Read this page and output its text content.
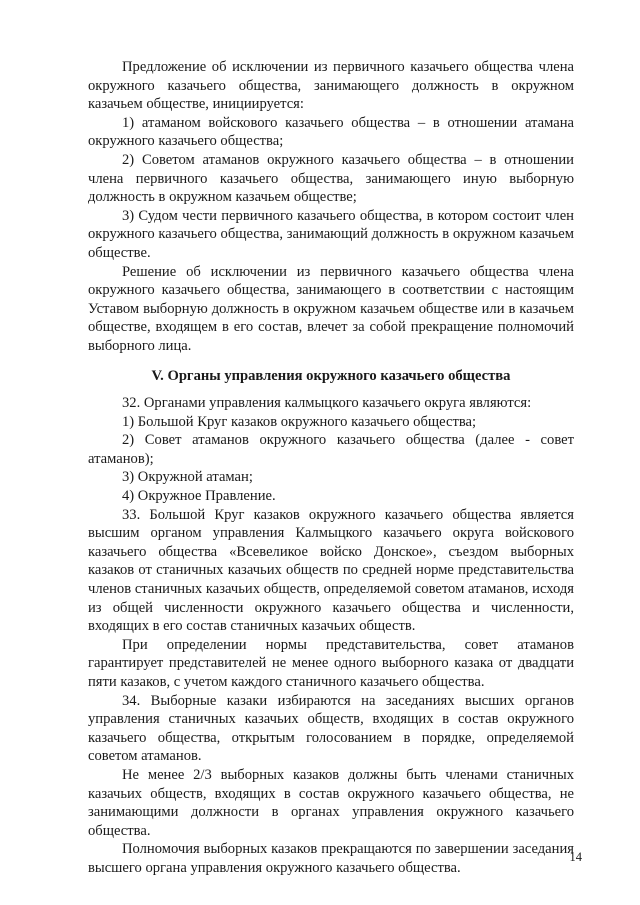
Предложение об исключении из первичного казачьего общества члена окружного казачьего общества, занимающего должность в окружном казачьем обществе, инициируется:

1) атаманом войскового казачьего общества – в отношении атамана окружного казачьего общества;

2) Советом атаманов окружного казачьего общества – в отношении члена первичного казачьего общества, занимающего иную выборную должность в окружном казачьем обществе;

3) Судом чести первичного казачьего общества, в котором состоит член окружного казачьего общества, занимающий должность в окружном казачьем обществе.

Решение об исключении из первичного казачьего общества члена окружного казачьего общества, занимающего в соответствии с настоящим Уставом выборную должность в окружном казачьем обществе или в казачьем обществе, входящем в его состав, влечет за собой прекращение полномочий выборного лица.

V. Органы управления окружного казачьего общества

32. Органами управления калмыцкого казачьего округа являются:

1) Большой Круг казаков окружного казачьего общества;

2) Совет атаманов окружного казачьего общества (далее - совет атаманов);

3) Окружной атаман;

4) Окружное Правление.

33. Большой Круг казаков окружного казачьего общества является высшим органом управления Калмыцкого казачьего округа войскового казачьего общества «Всевеликое войско Донское», съездом выборных казаков от станичных казачьих обществ по средней норме представительства членов станичных казачьих обществ, определяемой советом атаманов, исходя из общей численности окружного казачьего общества и численности, входящих в его состав станичных казачьих обществ.

При определении нормы представительства, совет атаманов гарантирует представителей не менее одного выборного казака от двадцати пяти казаков, с учетом каждого станичного казачьего общества.

34. Выборные казаки избираются на заседаниях высших органов управления станичных казачьих обществ, входящих в состав окружного казачьего общества, открытым голосованием в порядке, определяемой советом атаманов.

Не менее 2/3 выборных казаков должны быть членами станичных казачьих обществ, входящих в состав окружного казачьего общества, не занимающими должности в органах управления окружного казачьего общества.

Полномочия выборных казаков прекращаются по завершении заседания высшего органа управления окружного казачьего общества.

14
